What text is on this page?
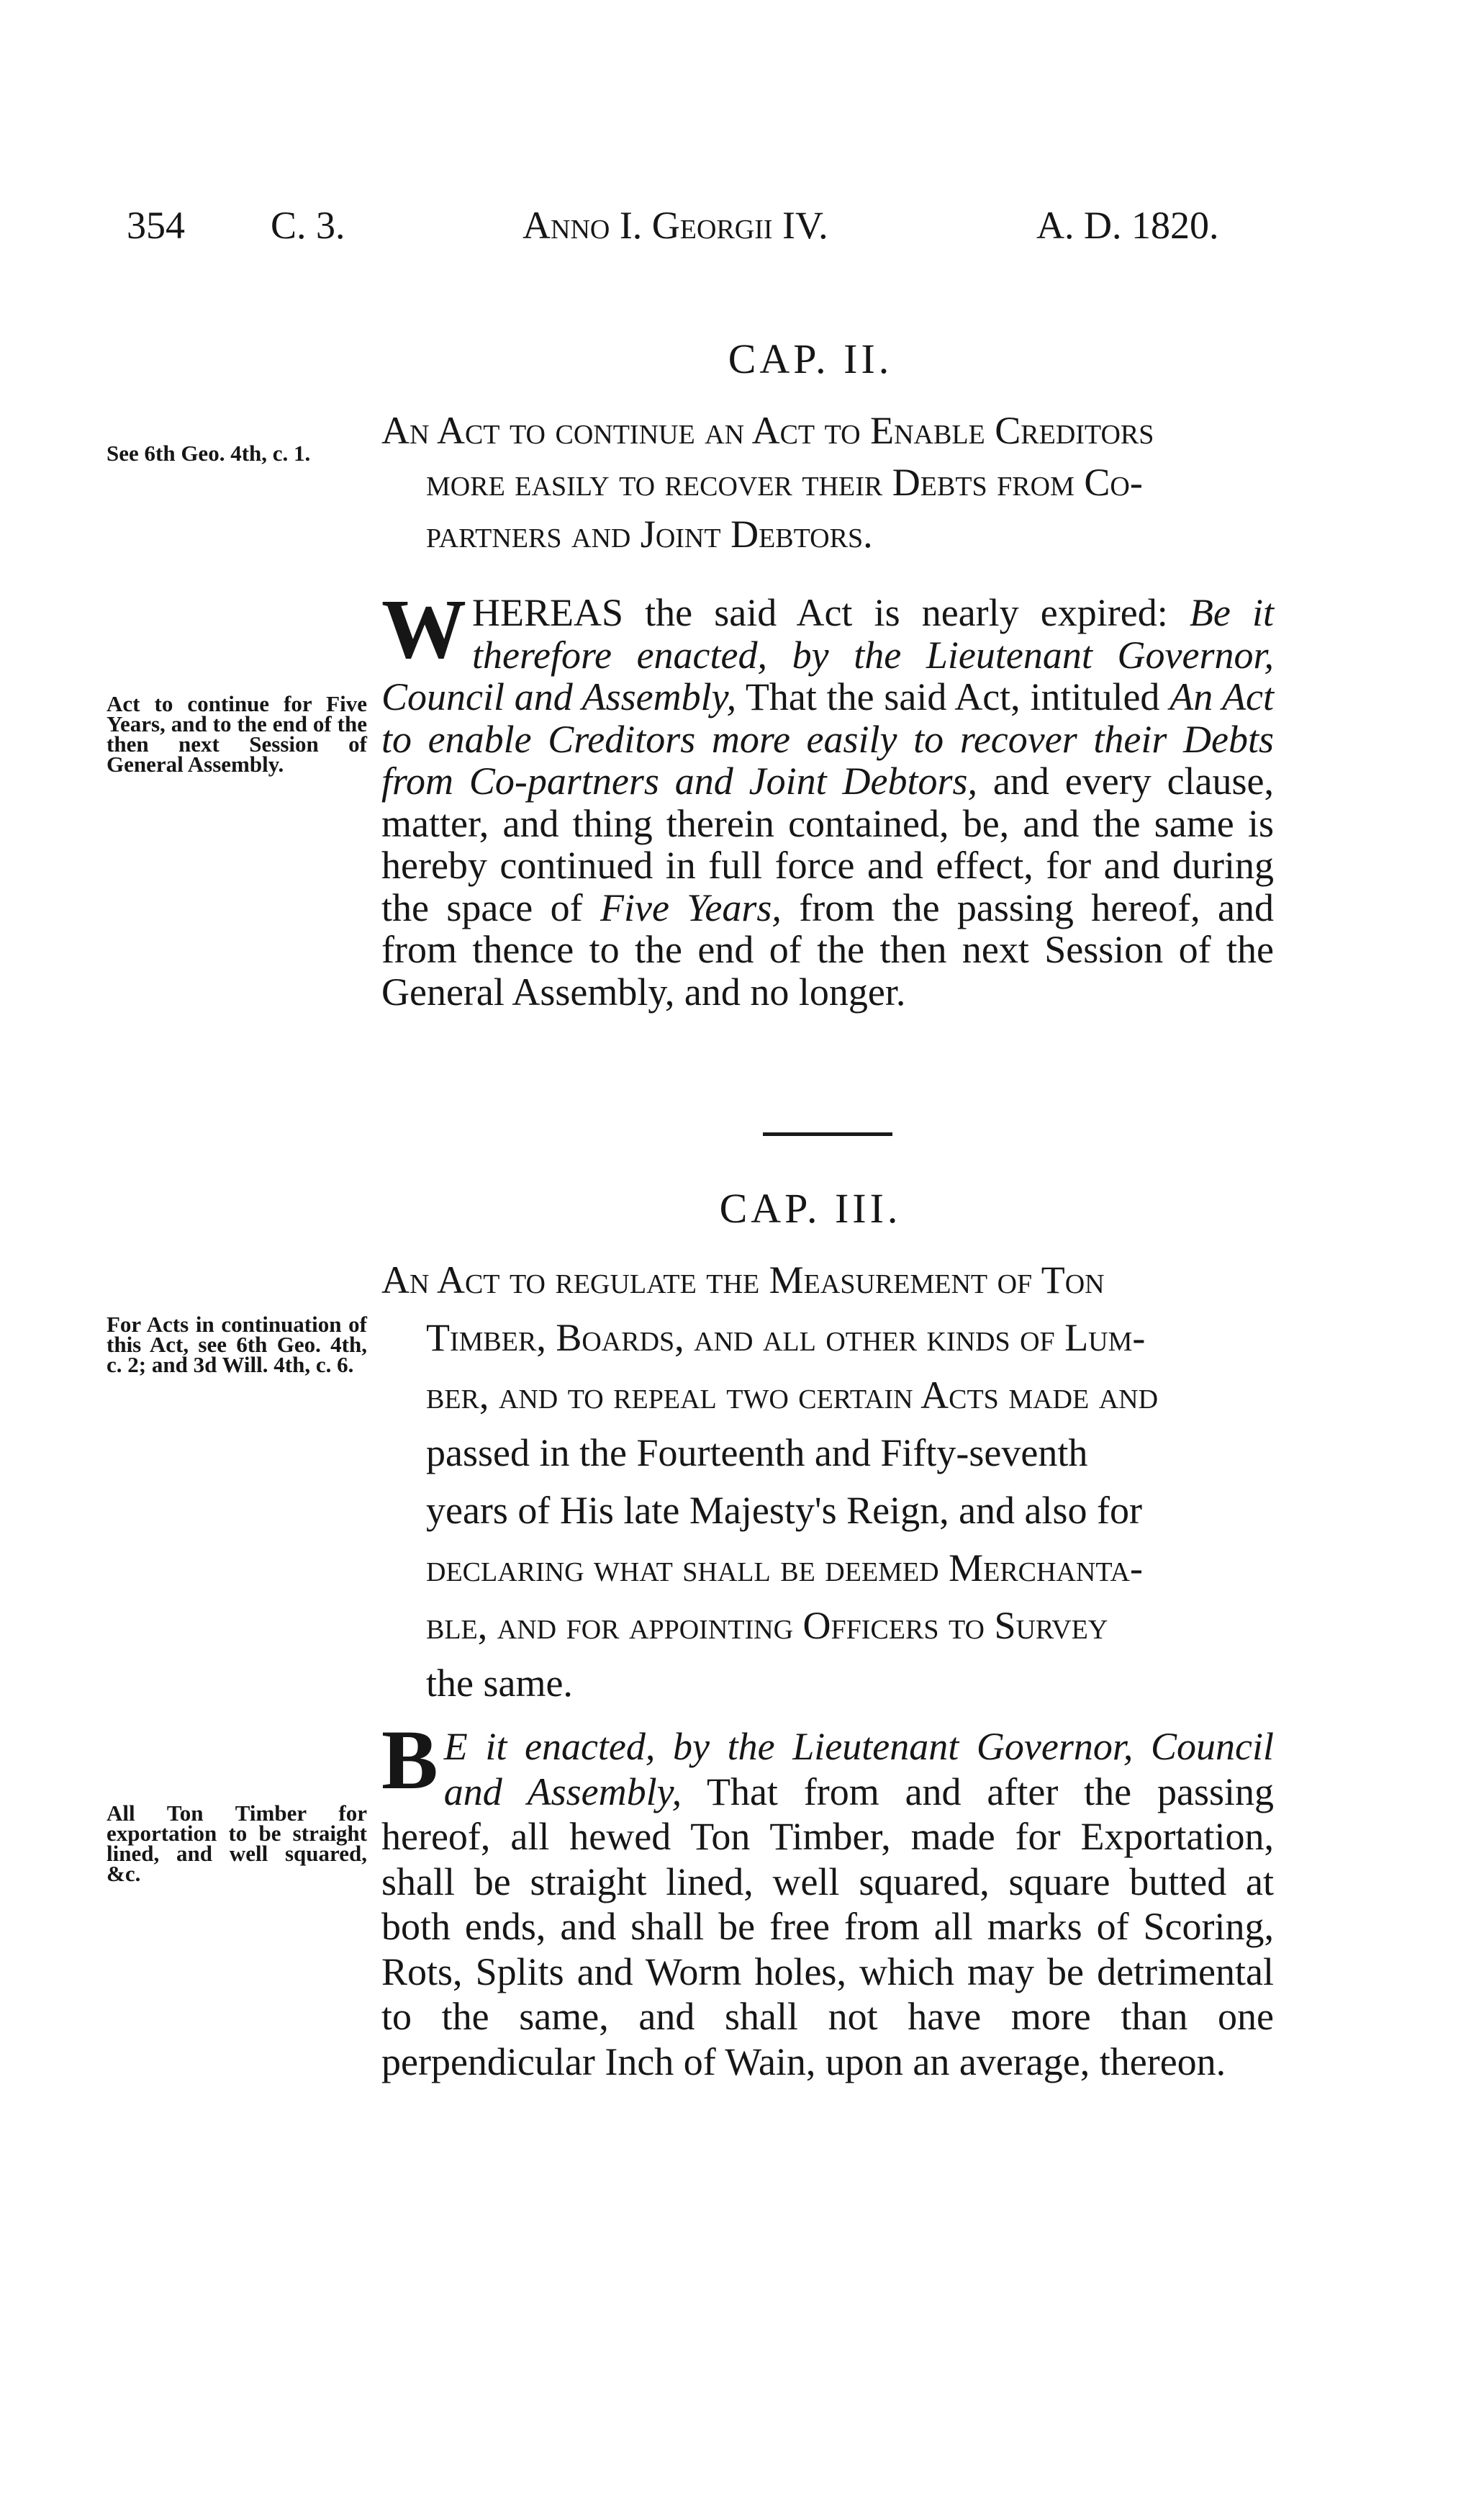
354 C. 3.	Anno I. Georgii IV.	A. D. 1820.
CAP. II.

An Act to continue an Act to Enable Creditors

more easily to recover their Debts from Co-

partners and Joint Debtors.

WHEREAS the said Act is nearly expired: Be it therefore enacted, by the Lieutenant Governor, Council and Assembly, That the said Act, intituled An Act to enable Creditors more easily to recover their Debts from Co-partners and Joint Debtors, and every clause, matter, and thing therein contained, be, and the same is hereby continued in full force and effect, for and during the space of Five Years, from the passing hereof, and from thence to the end of the then next Session of the General Assembly, and no longer.

See 6th Geo. 4th, c. 1.
Act to continue for Five Years, and to the end of the then next Session of General Assembly.
CAP. III.

An Act to regulate the Measurement of Ton

Timber, Boards, and all other kinds of Lum-

ber, and to repeal two certain Acts made and

passed in the Fourteenth and Fifty-seventh

years of His late Majesty's Reign, and also for

declaring what shall be deemed Merchanta-

ble, and for appointing Officers to Survey

the same.

B E it enacted, by the Lieutenant Governor, Council and Assembly, That from and after the passing hereof, all hewed Ton Timber, made for Exportation, shall be straight lined, well squared, square butted at both ends, and shall be free from all marks of Scoring, Rots, Splits and Worm holes, which may be detrimental to the same, and shall not have more than one perpendicular Inch of Wain, upon an average, thereon.

For Acts in continuation of this Act, see 6th Geo. 4th, c. 2; and 3d Will. 4th, c. 6.
All Ton Timber for exportation to be straight lined, and well squared, &c.
